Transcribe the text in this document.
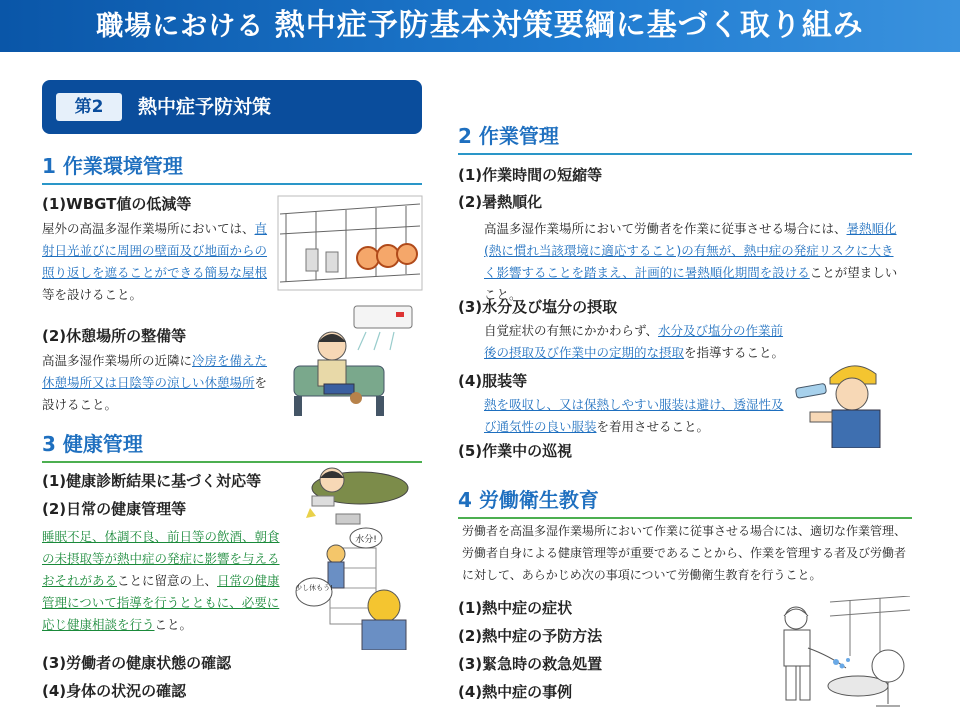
職場における 熱中症予防基本対策要綱に基づく取り組み
第2	熱中症予防対策
1 作業環境管理
(1)WBGT値の低減等
屋外の高温多湿作業場所においては、直射日光並びに周囲の壁面及び地面からの照り返しを遮ることができる簡易な屋根等を設けること。
(2)休憩場所の整備等
高温多湿作業場所の近隣に冷房を備えた休憩場所又は日陰等の涼しい休憩場所を設けること。
3 健康管理
(1)健康診断結果に基づく対応等
(2)日常の健康管理等
睡眠不足、体調不良、前日等の飲酒、朝食の未摂取等が熱中症の発症に影響を与えるおそれがあることに留意の上、日常の健康管理について指導を行うとともに、必要に応じ健康相談を行うこと。
水分!
少し休もう!
(3)労働者の健康状態の確認
(4)身体の状況の確認
2 作業管理
(1)作業時間の短縮等
(2)暑熱順化
高温多湿作業場所において労働者を作業に従事させる場合には、暑熱順化(熱に慣れ当該環境に適応すること)の有無が、熱中症の発症リスクに大きく影響することを踏まえ、計画的に暑熱順化期間を設けることが望ましいこと。
(3)水分及び塩分の摂取
自覚症状の有無にかかわらず、水分及び塩分の作業前後の摂取及び作業中の定期的な摂取を指導すること。
(4)服装等
熱を吸収し、又は保熱しやすい服装は避け、透湿性及び通気性の良い服装を着用させること。
(5)作業中の巡視
4 労働衛生教育
労働者を高温多湿作業場所において作業に従事させる場合には、適切な作業管理、労働者自身による健康管理等が重要であることから、作業を管理する者及び労働者に対して、あらかじめ次の事項について労働衛生教育を行うこと。
(1)熱中症の症状
(2)熱中症の予防方法
(3)緊急時の救急処置
(4)熱中症の事例
